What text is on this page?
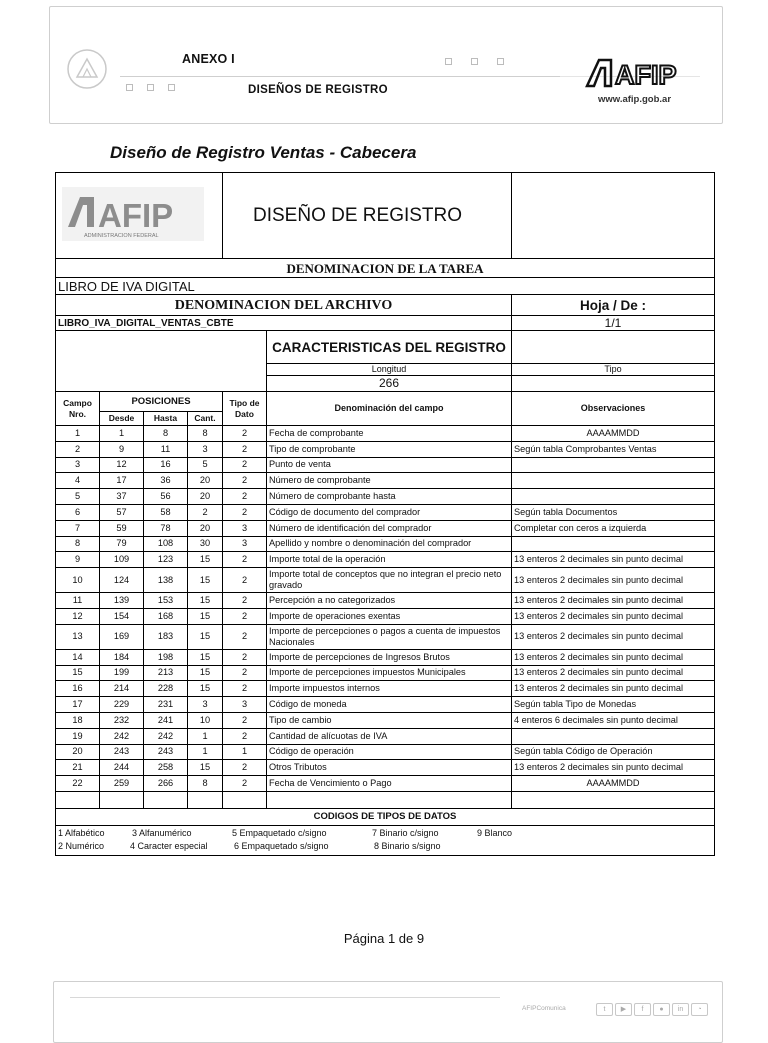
ANEXO I
DISEÑOS DE REGISTRO	AFIP
www.afip.gob.ar
Diseño de Registro Ventas - Cabecera
AFIP
ADMINISTRACION FEDERAL				DISEÑO DE REGISTRO		
DENOMINACION DE LA TAREA						
LIBRO DE IVA DIGITAL						
DENOMINACION DEL ARCHIVO						Hoja / De :
LIBRO_IVA_DIGITAL_VENTAS_CBTE						1/1
					CARACTERISTICAS DEL REGISTRO	
					Longitud	Tipo
					266	
Campo Nro.	POSICIONES			Tipo de Dato	Denominación del campo	Observaciones
	Desde	Hasta	Cant.			
1	1	8	8	2	Fecha de comprobante	AAAAMMDD
2	9	11	3	2	Tipo de comprobante	Según tabla Comprobantes Ventas
3	12	16	5	2	Punto de venta	
4	17	36	20	2	Número de comprobante	
5	37	56	20	2	Número de comprobante hasta	
6	57	58	2	2	Código de documento del comprador	Según tabla Documentos
7	59	78	20	3	Número de identificación del comprador	Completar con ceros a izquierda
8	79	108	30	3	Apellido y nombre o denominación del comprador	
9	109	123	15	2	Importe total de la operación	13 enteros 2 decimales sin punto decimal
10	124	138	15	2	Importe total de conceptos que no integran el precio neto gravado	13 enteros 2 decimales sin punto decimal
11	139	153	15	2	Percepción a no categorizados	13 enteros 2 decimales sin punto decimal
12	154	168	15	2	Importe de operaciones exentas	13 enteros 2 decimales sin punto decimal
13	169	183	15	2	Importe de percepciones o pagos a cuenta de impuestos Nacionales	13 enteros 2 decimales sin punto decimal
14	184	198	15	2	Importe de percepciones de Ingresos Brutos	13 enteros 2 decimales sin punto decimal
15	199	213	15	2	Importe de percepciones impuestos Municipales	13 enteros 2 decimales sin punto decimal
16	214	228	15	2	Importe impuestos internos	13 enteros 2 decimales sin punto decimal
17	229	231	3	3	Código de moneda	Según tabla Tipo de Monedas
18	232	241	10	2	Tipo de cambio	4 enteros 6 decimales sin punto decimal
19	242	242	1	2	Cantidad de alícuotas de IVA	
20	243	243	1	1	Código de operación	Según tabla Código de Operación
21	244	258	15	2	Otros Tributos	13 enteros 2 decimales sin punto decimal
22	259	266	8	2	Fecha de Vencimiento o Pago	AAAAMMDD

CODIGOS DE TIPOS DE DATOS						

1 Alfabético 3 Alfanumérico 5 Empaquetado c/signo 7 Binario c/signo 9 Blanco
2 Numérico 4 Caracter especial 6 Empaquetado s/signo 8 Binario s/signo						
Página 1 de 9
AFIPComunica	t	▶	f	●	in	◔
